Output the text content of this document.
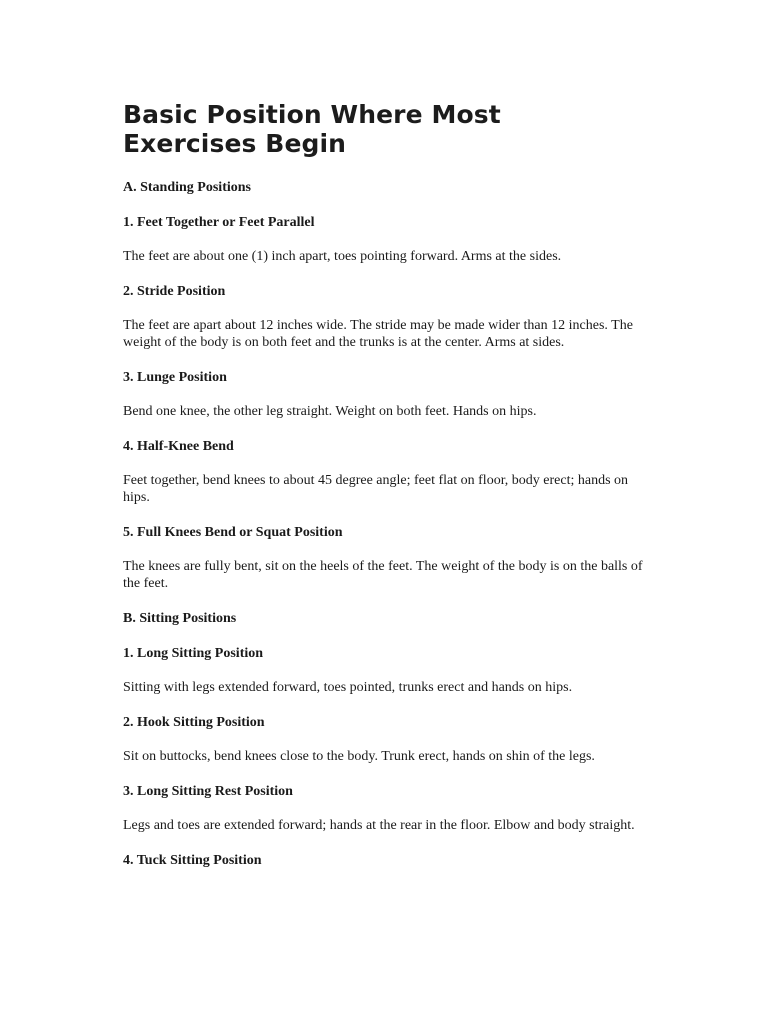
Basic Position Where Most Exercises Begin

A. Standing Positions

1. Feet Together or Feet Parallel

The feet are about one (1) inch apart, toes pointing forward. Arms at the sides.

2. Stride Position

The feet are apart about 12 inches wide. The stride may be made wider than 12 inches. The weight of the body is on both feet and the trunks is at the center. Arms at sides.

3. Lunge Position

Bend one knee, the other leg straight. Weight on both feet. Hands on hips.

4. Half-Knee Bend

Feet together, bend knees to about 45 degree angle; feet flat on floor, body erect; hands on hips.

5. Full Knees Bend or Squat Position

The knees are fully bent, sit on the heels of the feet. The weight of the body is on the balls of the feet.

B. Sitting Positions

1. Long Sitting Position

Sitting with legs extended forward, toes pointed, trunks erect and hands on hips.

2. Hook Sitting Position

Sit on buttocks, bend knees close to the body. Trunk erect, hands on shin of the legs.

3. Long Sitting Rest Position

Legs and toes are extended forward; hands at the rear in the floor. Elbow and body straight.

4. Tuck Sitting Position
